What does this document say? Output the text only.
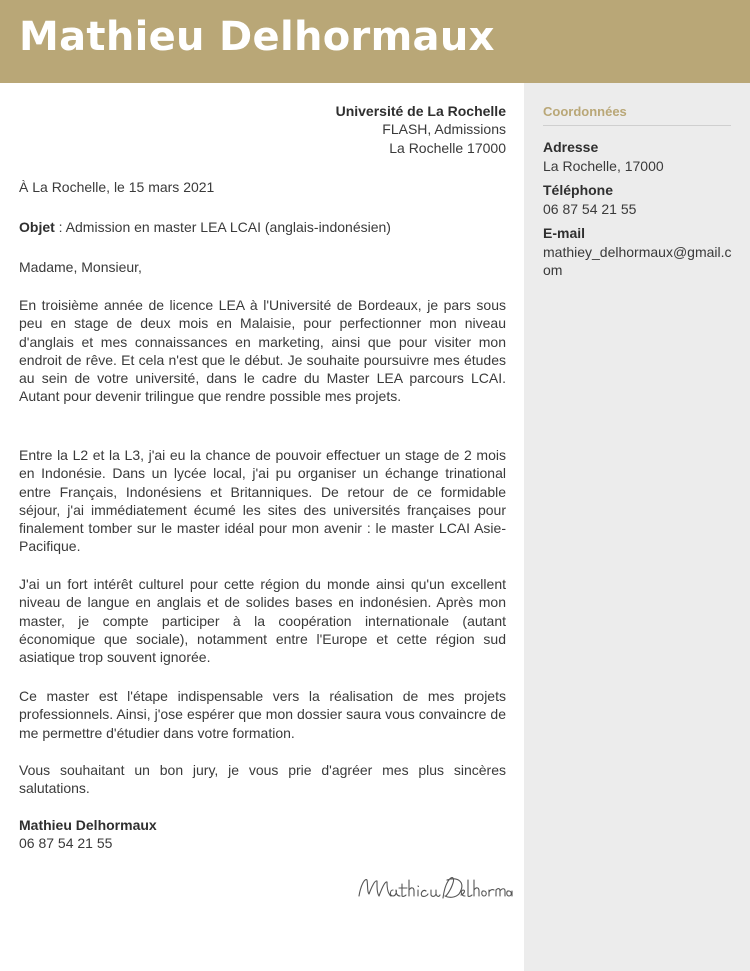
Mathieu Delhormaux
Coordonnées
Adresse
La Rochelle, 17000
Téléphone
06 87 54 21 55
E-mail
mathiey_delhormaux@gmail.com
Université de La Rochelle
FLASH, Admissions
La Rochelle 17000
À La Rochelle, le 15 mars 2021
Objet : Admission en master LEA LCAI (anglais-indonésien)
Madame, Monsieur,
En troisième année de licence LEA à l'Université de Bordeaux, je pars sous peu en stage de deux mois en Malaisie, pour perfectionner mon niveau d'anglais et mes connaissances en marketing, ainsi que pour visiter mon endroit de rêve. Et cela n'est que le début. Je souhaite poursuivre mes études au sein de votre université, dans le cadre du Master LEA parcours LCAI. Autant pour devenir trilingue que rendre possible mes projets.
Entre la L2 et la L3, j'ai eu la chance de pouvoir effectuer un stage de 2 mois en Indonésie. Dans un lycée local, j'ai pu organiser un échange trinational entre Français, Indonésiens et Britanniques. De retour de ce formidable séjour, j'ai immédiatement écumé les sites des universités françaises pour finalement tomber sur le master idéal pour mon avenir : le master LCAI Asie-Pacifique.
J'ai un fort intérêt culturel pour cette région du monde ainsi qu'un excellent niveau de langue en anglais et de solides bases en indonésien. Après mon master, je compte participer à la coopération internationale (autant économique que sociale), notamment entre l'Europe et cette région sud asiatique trop souvent ignorée.
Ce master est l'étape indispensable vers la réalisation de mes projets professionnels. Ainsi, j'ose espérer que mon dossier saura vous convaincre de me permettre d'étudier dans votre formation.
Vous souhaitant un bon jury, je vous prie d'agréer mes plus sincères salutations.
Mathieu Delhormaux
06 87 54 21 55
